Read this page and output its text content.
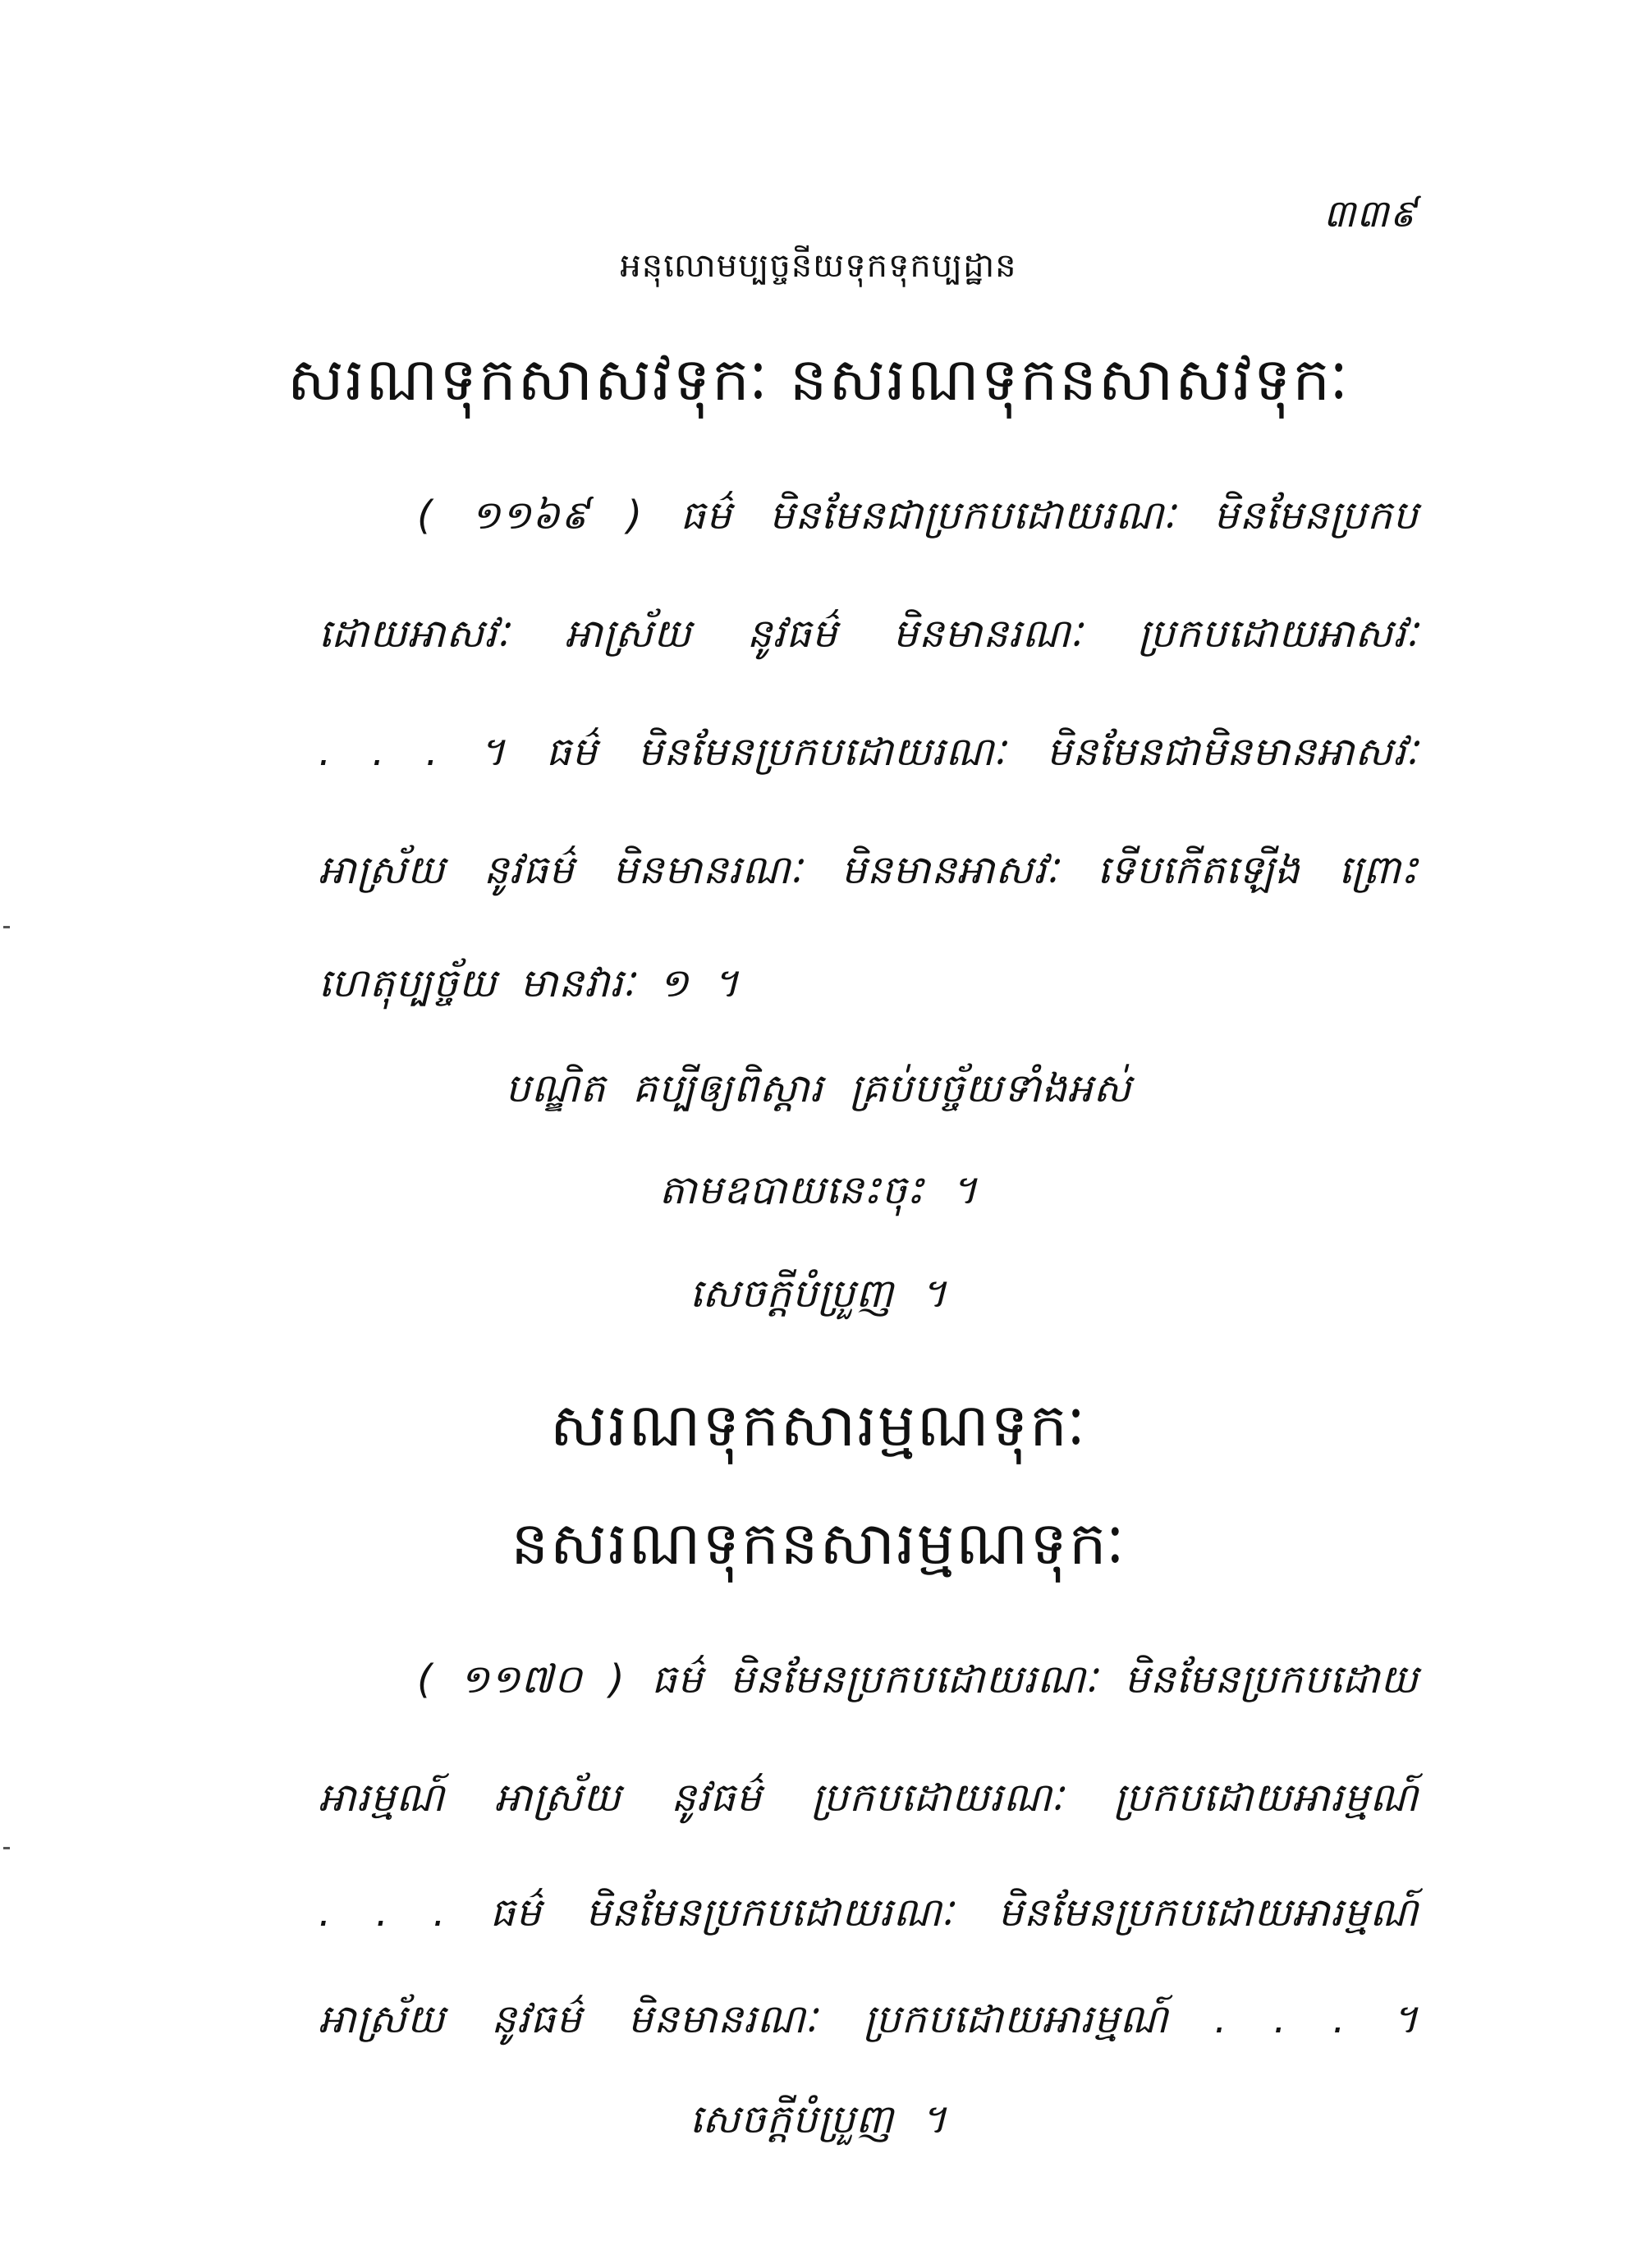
៣៣៩
អនុលោមប្បច្ចនីយទុកទុកប្បដ្ឋាន
សរណទុកសាសវទុកៈ នសរណទុកនសាសវទុកៈ
( ១១៦៩ ) ធម៌ មិនមែនជាប្រកបដោយរណៈ មិនមែនប្រកប
ដោយអាសវៈ អាស្រ័យ នូវធម៌ មិនមានរណៈ ប្រកបដោយអាសវៈ
. . . ។ ធម៌ មិនមែនប្រកបដោយរណៈ មិនមែនជាមិនមានអាសវៈ
អាស្រ័យ នូវធម៌ មិនមានរណៈ មិនមានអាសវៈ ទើបកើតឡើង ព្រោះ
ហេតុប្បច្ច័យ មានវារៈ ១ ។
បណ្ឌិត គប្បីឲ្យពិស្តារ គ្រប់បច្ច័យទាំងអស់
តាមឧបាយនេះចុះ ។
សេចក្តីបំប្រួញ ។
សរណទុកសារម្មណទុកៈ
នសរណទុកនសារម្មណទុកៈ
( ១១៧០ ) ធម៌ មិនមែនប្រកបដោយរណៈ មិនមែនប្រកបដោយ
អារម្មណ៍ អាស្រ័យ នូវធម៌ ប្រកបដោយរណៈ ប្រកបដោយអារម្មណ៍
. . . ធម៌ មិនមែនប្រកបដោយរណៈ មិនមែនប្រកបដោយអារម្មណ៍
អាស្រ័យ នូវធម៌ មិនមានរណៈ ប្រកបដោយអារម្មណ៍ . . . ។
សេចក្តីបំប្រួញ ។
